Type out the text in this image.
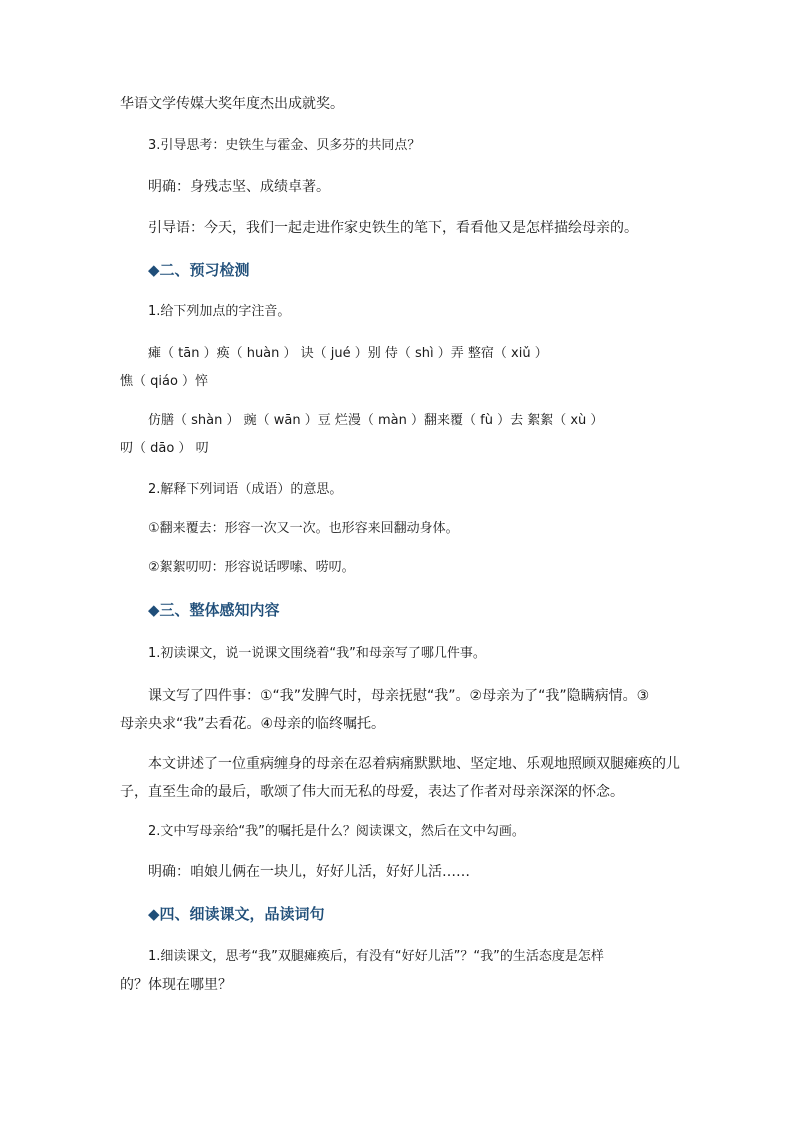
华语文学传媒大奖年度杰出成就奖。
3.引导思考：史铁生与霍金、贝多芬的共同点？
明确：身残志坚、成绩卓著。
引导语：今天，我们一起走进作家史铁生的笔下，看看他又是怎样描绘母亲的。
◆二、预习检测
1.给下列加点的字注音。
瘫（ tān ）痪（ huàn ） 诀（ jué ）别 侍（ shì ）弄 整宿（ xiǔ ）
憔（ qiáo ）悴
仿膳（ shàn ） 豌（ wān ）豆 烂漫（ màn ）翻来覆（ fù ）去 絮絮（ xù ）
叨（ dāo ） 叨
2.解释下列词语（成语）的意思。
①翻来覆去：形容一次又一次。也形容来回翻动身体。
②絮絮叨叨：形容说话啰嗦、唠叨。
◆三、整体感知内容
1.初读课文，说一说课文围绕着“我”和母亲写了哪几件事。
课文写了四件事：①“我”发脾气时，母亲抚慰“我”。②母亲为了“我”隐瞒病情。③
母亲央求“我”去看花。④母亲的临终嘱托。
本文讲述了一位重病缠身的母亲在忍着病痛默默地、坚定地、乐观地照顾双腿瘫痪的儿
子，直至生命的最后，歌颂了伟大而无私的母爱，表达了作者对母亲深深的怀念。
2.文中写母亲给“我”的嘱托是什么？阅读课文，然后在文中勾画。
明确：咱娘儿俩在一块儿，好好儿活，好好儿活……
◆四、细读课文，品读词句
1.细读课文，思考“我”双腿瘫痪后，有没有“好好儿活”？“我”的生活态度是怎样
的？体现在哪里？
